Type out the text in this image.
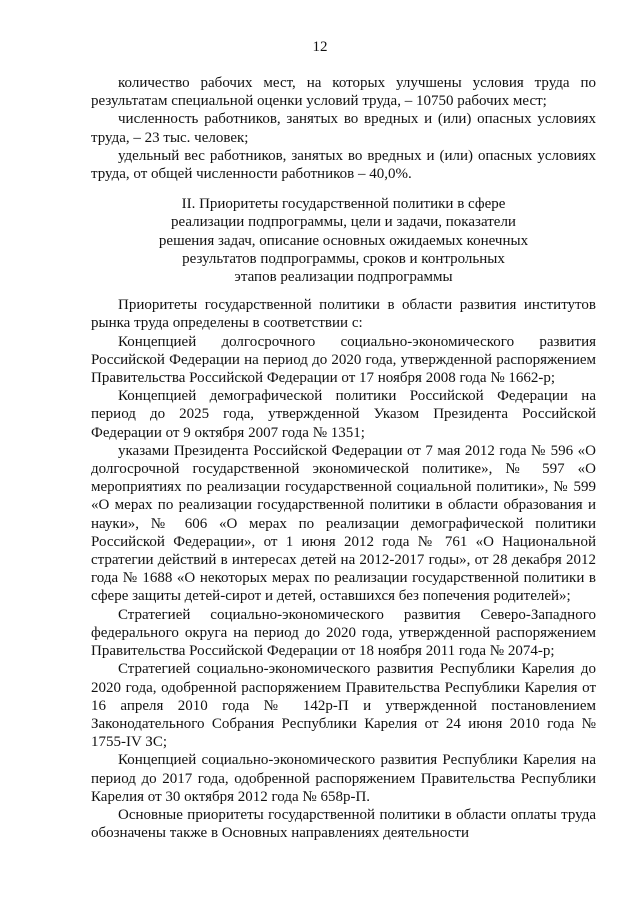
12

количество рабочих мест, на которых улучшены условия труда по результатам специальной оценки условий труда, – 10750 рабочих мест;

численность работников, занятых во вредных и (или) опасных условиях труда, – 23 тыс. человек;

удельный вес работников, занятых во вредных и (или) опасных условиях труда, от общей численности работников – 40,0%.

II. Приоритеты государственной политики в сфере
реализации подпрограммы, цели и задачи, показатели
решения задач, описание основных ожидаемых конечных
результатов подпрограммы, сроков и контрольных
этапов реализации подпрограммы

Приоритеты государственной политики в области развития институтов рынка труда определены в соответствии с:

Концепцией долгосрочного социально-экономического развития Российской Федерации на период до 2020 года, утвержденной распоряжением Правительства Российской Федерации от 17 ноября 2008 года № 1662-р;

Концепцией демографической политики Российской Федерации на период до 2025 года, утвержденной Указом Президента Российской Федерации от 9 октября 2007 года № 1351;

указами Президента Российской Федерации от 7 мая 2012 года № 596 «О долгосрочной государственной экономической политике», № 597 «О мероприятиях по реализации государственной социальной политики», № 599 «О мерах по реализации государственной политики в области образования и науки», № 606 «О мерах по реализации демографической политики Российской Федерации», от 1 июня 2012 года № 761 «О Национальной стратегии действий в интересах детей на 2012-2017 годы», от 28 декабря 2012 года № 1688 «О некоторых мерах по реализации государственной политики в сфере защиты детей-сирот и детей, оставшихся без попечения родителей»;

Стратегией социально-экономического развития Северо-Западного федерального округа на период до 2020 года, утвержденной распоряжением Правительства Российской Федерации от 18 ноября 2011 года № 2074-р;

Стратегией социально-экономического развития Республики Карелия до 2020 года, одобренной распоряжением Правительства Республики Карелия от 16 апреля 2010 года № 142р-П и утвержденной постановлением Законодательного Собрания Республики Карелия от 24 июня 2010 года № 1755-IV ЗС;

Концепцией социально-экономического развития Республики Карелия на период до 2017 года, одобренной распоряжением Правительства Республики Карелия от 30 октября 2012 года № 658р-П.

Основные приоритеты государственной политики в области оплаты труда обозначены также в Основных направлениях деятельности
